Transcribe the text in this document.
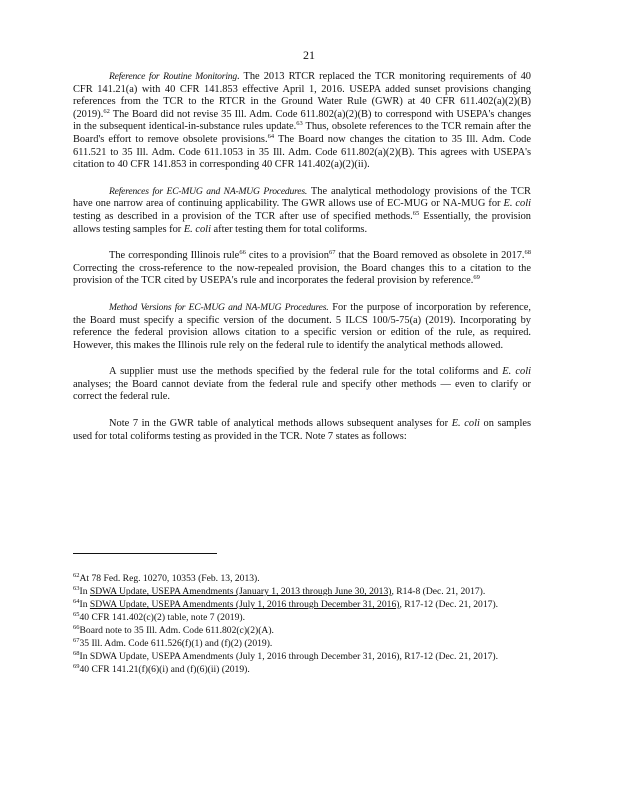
21

Reference for Routine Monitoring. The 2013 RTCR replaced the TCR monitoring requirements of 40 CFR 141.21(a) with 40 CFR 141.853 effective April 1, 2016. USEPA added sunset provisions changing references from the TCR to the RTCR in the Ground Water Rule (GWR) at 40 CFR 611.402(a)(2)(B) (2019).$^{62}$ The Board did not revise 35 Ill. Adm. Code 611.802(a)(2)(B) to correspond with USEPA's changes in the subsequent identical-in-substance rules update.$^{63}$ Thus, obsolete references to the TCR remain after the Board's effort to remove obsolete provisions.$^{64}$ The Board now changes the citation to 35 Ill. Adm. Code 611.521 to 35 Ill. Adm. Code 611.1053 in 35 Ill. Adm. Code 611.802(a)(2)(B). This agrees with USEPA's citation to 40 CFR 141.853 in corresponding 40 CFR 141.402(a)(2)(ii).

References for EC-MUG and NA-MUG Procedures. The analytical methodology provisions of the TCR have one narrow area of continuing applicability. The GWR allows use of EC-MUG or NA-MUG for E. coli testing as described in a provision of the TCR after use of specified methods.$^{65}$ Essentially, the provision allows testing samples for E. coli after testing them for total coliforms.

The corresponding Illinois rule$^{66}$ cites to a provision$^{67}$ that the Board removed as obsolete in 2017.68 Correcting the cross-reference to the now-repealed provision, the Board changes this to a citation to the provision of the TCR cited by USEPA's rule and incorporates the federal provision by reference.$^{69}$

Method Versions for EC-MUG and NA-MUG Procedures. For the purpose of incorporation by reference, the Board must specify a specific version of the document. 5 ILCS 100/5-75(a) (2019). Incorporating by reference the federal provision allows citation to a specific version or edition of the rule, as required. However, this makes the Illinois rule rely on the federal rule to identify the analytical methods allowed.

A supplier must use the methods specified by the federal rule for the total coliforms and E. coli analyses; the Board cannot deviate from the federal rule and specify other methods — even to clarify or correct the federal rule.

Note 7 in the GWR table of analytical methods allows subsequent analyses for E. coli on samples used for total coliforms testing as provided in the TCR. Note 7 states as follows:

$^{62}$At 78 Fed. Reg. 10270, 10353 (Feb. 13, 2013).
$^{63}$In SDWA Update, USEPA Amendments (January 1, 2013 through June 30, 2013), R14-8 (Dec. 21, 2017).
$^{64}$In SDWA Update, USEPA Amendments (July 1, 2016 through December 31, 2016), R17-12 (Dec. 21, 2017).
$^{65}$40 CFR 141.402(c)(2) table, note 7 (2019).
$^{66}$Board note to 35 Ill. Adm. Code 611.802(c)(2)(A).
$^{67}$35 Ill. Adm. Code 611.526(f)(1) and (f)(2) (2019).
$^{68}$In SDWA Update, USEPA Amendments (July 1, 2016 through December 31, 2016), R17-12 (Dec. 21, 2017).
$^{69}$40 CFR 141.21(f)(6)(i) and (f)(6)(ii) (2019).
